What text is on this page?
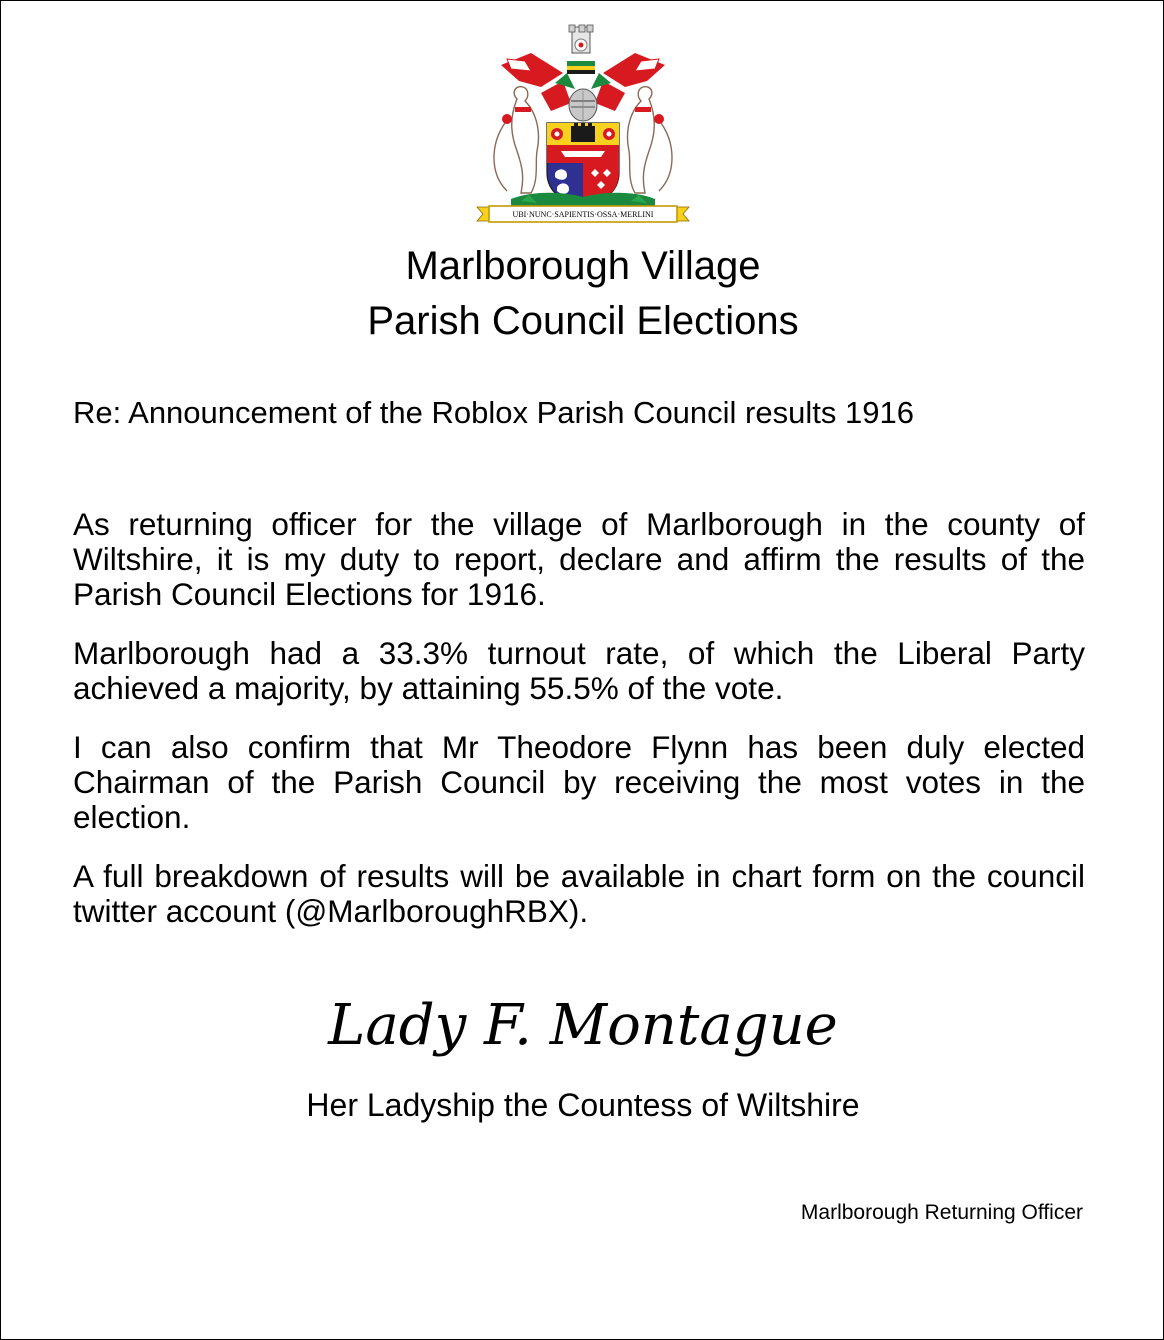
UBI·NUNC·SAPIENTIS·OSSA·MERLINI
Marlborough Village
Parish Council Elections
Re: Announcement of the Roblox Parish Council results 1916

As returning officer for the village of Marlborough in the county of Wiltshire, it is my duty to report, declare and affirm the results of the Parish Council Elections for 1916.

Marlborough had a 33.3% turnout rate, of which the Liberal Party achieved a majority, by attaining 55.5% of the vote.

I can also confirm that Mr Theodore Flynn has been duly elected Chairman of the Parish Council by receiving the most votes in the election.

A full breakdown of results will be available in chart form on the council twitter account (@MarlboroughRBX).

Lady F. Montague
Her Ladyship the Countess of Wiltshire
Marlborough Returning Officer
